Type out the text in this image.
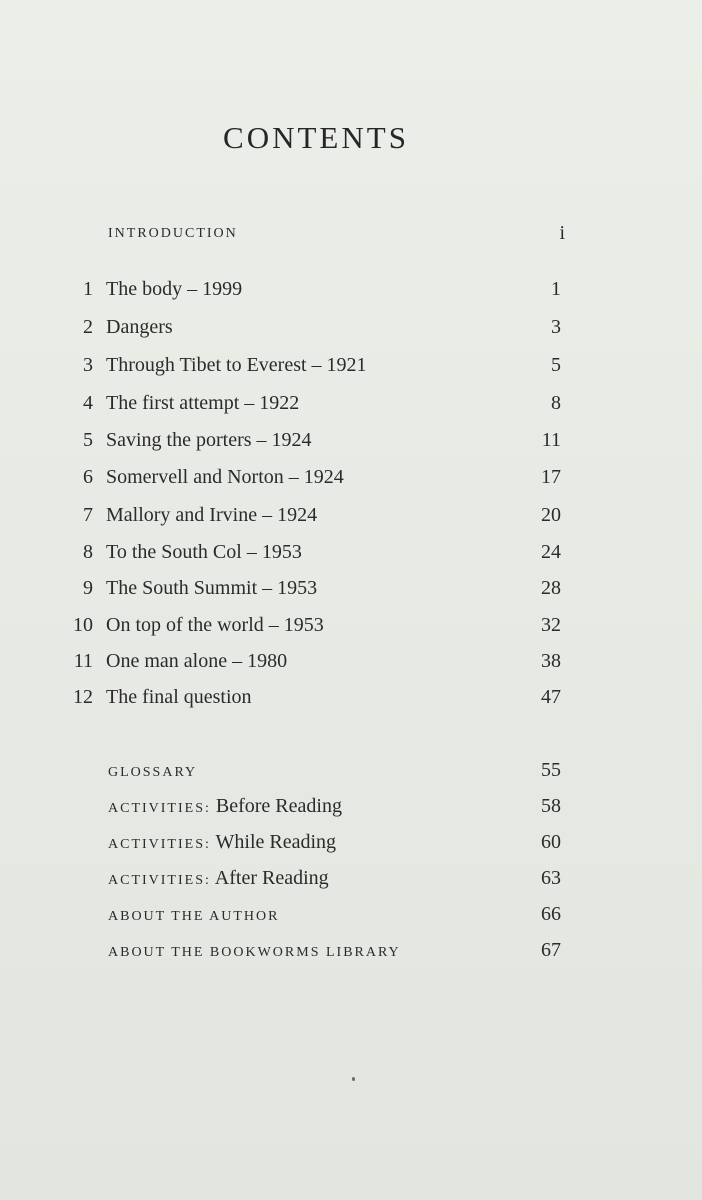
CONTENTS
INTRODUCTION	i
1 The body – 1999	1
2 Dangers	3
3 Through Tibet to Everest – 1921	5
4 The first attempt – 1922	8
5 Saving the porters – 1924	11
6 Somervell and Norton – 1924	17
7 Mallory and Irvine – 1924	20
8 To the South Col – 1953	24
9 The South Summit – 1953	28
10 On top of the world – 1953	32
11 One man alone – 1980	38
12 The final question	47
GLOSSARY	55
ACTIVITIES: Before Reading	58
ACTIVITIES: While Reading	60
ACTIVITIES: After Reading	63
ABOUT THE AUTHOR	66
ABOUT THE BOOKWORMS LIBRARY	67
